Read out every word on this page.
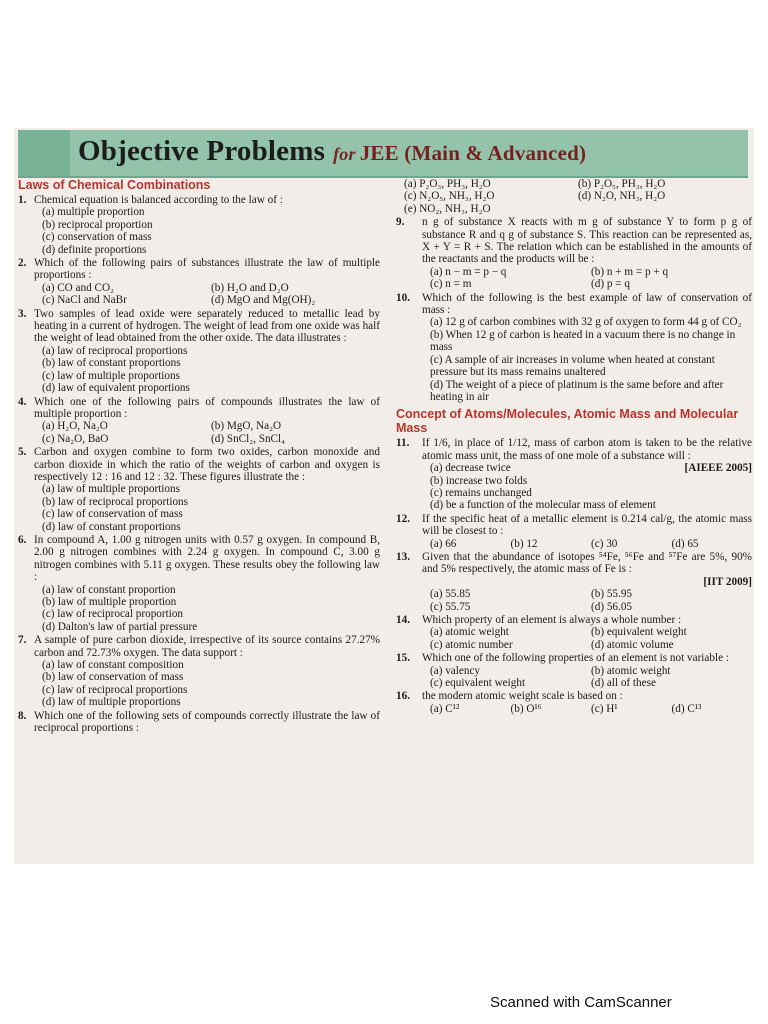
Objective Problems for JEE (Main & Advanced)
Laws of Chemical Combinations
1. Chemical equation is balanced according to the law of :
(a) multiple proportion
(b) reciprocal proportion
(c) conservation of mass
(d) definite proportions
2. Which of the following pairs of substances illustrate the law of multiple proportions :
(a) CO and CO₂	(b) H₂O and D₂O
(c) NaCl and NaBr	(d) MgO and Mg(OH)₂
3. Two samples of lead oxide were separately reduced to metallic lead by heating in a current of hydrogen. The weight of lead from one oxide was half the weight of lead obtained from the other oxide. The data illustrates :
(a) law of reciprocal proportions
(b) law of constant proportions
(c) law of multiple proportions
(d) law of equivalent proportions
4. Which one of the following pairs of compounds illustrates the law of multiple proportion :
(a) H₂O, Na₂O	(b) MgO, Na₂O
(c) Na₂O, BaO	(d) SnCl₂, SnCl₄
5. Carbon and oxygen combine to form two oxides, carbon monoxide and carbon dioxide in which the ratio of the weights of carbon and oxygen is respectively 12 : 16 and 12 : 32. These figures illustrate the :
(a) law of multiple proportions
(b) law of reciprocal proportions
(c) law of conservation of mass
(d) law of constant proportions
6. In compound A, 1.00 g nitrogen units with 0.57 g oxygen. In compound B, 2.00 g nitrogen combines with 2.24 g oxygen. In compound C, 3.00 g nitrogen combines with 5.11 g oxygen. These results obey the following law :
(a) law of constant proportion
(b) law of multiple proportion
(c) law of reciprocal proportion
(d) Dalton's law of partial pressure
7. A sample of pure carbon dioxide, irrespective of its source contains 27.27% carbon and 72.73% oxygen. The data support :
(a) law of constant composition
(b) law of conservation of mass
(c) law of reciprocal proportions
(d) law of multiple proportions
8. Which one of the following sets of compounds correctly illustrate the law of reciprocal proportions :
(a) P₂O₃, PH₃, H₂O	(b) P₂O₅, PH₃, H₂O
(c) N₂O₅, NH₃, H₂O	(d) N₂O, NH₃, H₂O
(e) NO₂, NH₃, H₂O
9. n g of substance X reacts with m g of substance Y to form p g of substance R and q g of substance S. This reaction can be represented as, X + Y = R + S. The relation which can be established in the amounts of the reactants and the products will be :
(a) n − m = p − q	(b) n + m = p + q
(c) n = m	(d) p = q
10. Which of the following is the best example of law of conservation of mass :
(a) 12 g of carbon combines with 32 g of oxygen to form 44 g of CO₂
(b) When 12 g of carbon is heated in a vacuum there is no change in mass
(c) A sample of air increases in volume when heated at constant pressure but its mass remains unaltered
(d) The weight of a piece of platinum is the same before and after heating in air
Concept of Atoms/Molecules, Atomic Mass and Molecular Mass
11. If 1/6, in place of 1/12, mass of carbon atom is taken to be the relative atomic mass unit, the mass of one mole of a substance will :
[AIEEE 2005]
(a) decrease twice
(b) increase two folds
(c) remains unchanged
(d) be a function of the molecular mass of element
12. If the specific heat of a metallic element is 0.214 cal/g, the atomic mass will be closest to :
(a) 66	(b) 12	(c) 30	(d) 65
13. Given that the abundance of isotopes ⁵⁴Fe, ⁵⁶Fe and ⁵⁷Fe are 5%, 90% and 5% respectively, the atomic mass of Fe is :
[IIT 2009]
(a) 55.85	(b) 55.95
(c) 55.75	(d) 56.05
14. Which property of an element is always a whole number :
(a) atomic weight	(b) equivalent weight
(c) atomic number	(d) atomic volume
15. Which one of the following properties of an element is not variable :
(a) valency	(b) atomic weight
(c) equivalent weight	(d) all of these
16. the modern atomic weight scale is based on :
(a) C¹²	(b) O¹⁶	(c) H¹	(d) C¹³
Scanned with CamScanner
